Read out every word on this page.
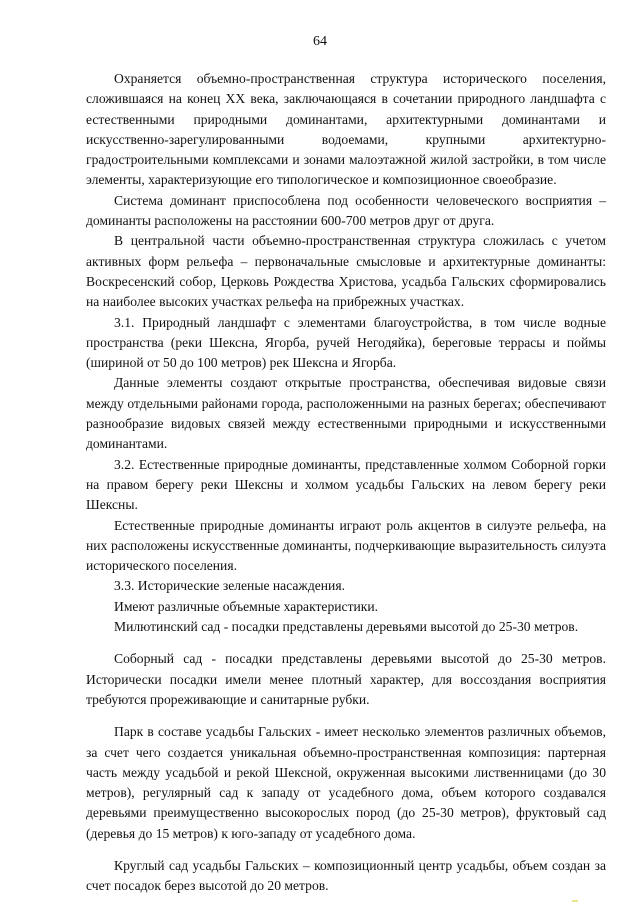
64

Охраняется объемно-пространственная структура исторического поселения, сложившаяся на конец ХХ века, заключающаяся в сочетании природного ландшафта с естественными природными доминантами, архитектурными доминантами и искусственно-зарегулированными водоемами, крупными архитектурно-градостроительными комплексами и зонами малоэтажной жилой застройки, в том числе элементы, характеризующие его типологическое и композиционное своеобразие.

Система доминант приспособлена под особенности человеческого восприятия – доминанты расположены на расстоянии 600-700 метров друг от друга.

В центральной части объемно-пространственная структура сложилась с учетом активных форм рельефа – первоначальные смысловые и архитектурные доминанты: Воскресенский собор, Церковь Рождества Христова, усадьба Гальских сформировались на наиболее высоких участках рельефа на прибрежных участках.

3.1. Природный ландшафт с элементами благоустройства, в том числе водные пространства (реки Шексна, Ягорба, ручей Негодяйка), береговые террасы и поймы (шириной от 50 до 100 метров) рек Шексна и Ягорба.

Данные элементы создают открытые пространства, обеспечивая видовые связи между отдельными районами города, расположенными на разных берегах; обеспечивают разнообразие видовых связей между естественными природными и искусственными доминантами.

3.2. Естественные природные доминанты, представленные холмом Соборной горки на правом берегу реки Шексны и холмом усадьбы Гальских на левом берегу реки Шексны.

Естественные природные доминанты играют роль акцентов в силуэте рельефа, на них расположены искусственные доминанты, подчеркивающие выразительность силуэта исторического поселения.

3.3. Исторические зеленые насаждения.

Имеют различные объемные характеристики.

Милютинский сад - посадки представлены деревьями высотой до 25-30 метров.

Соборный сад - посадки представлены деревьями высотой до 25-30 метров. Исторически посадки имели менее плотный характер, для воссоздания восприятия требуются прореживающие и санитарные рубки.

Парк в составе усадьбы Гальских - имеет несколько элементов различных объемов, за счет чего создается уникальная объемно-пространственная композиция: партерная часть между усадьбой и рекой Шексной, окруженная высокими лиственницами (до 30 метров), регулярный сад к западу от усадебного дома, объем которого создавался деревьями преимущественно высокорослых пород (до 25-30 метров), фруктовый сад (деревья до 15 метров) к юго-западу от усадебного дома.

Круглый сад усадьбы Гальских – композиционный центр усадьбы, объем создан за счет посадок берез высотой до 20 метров.
